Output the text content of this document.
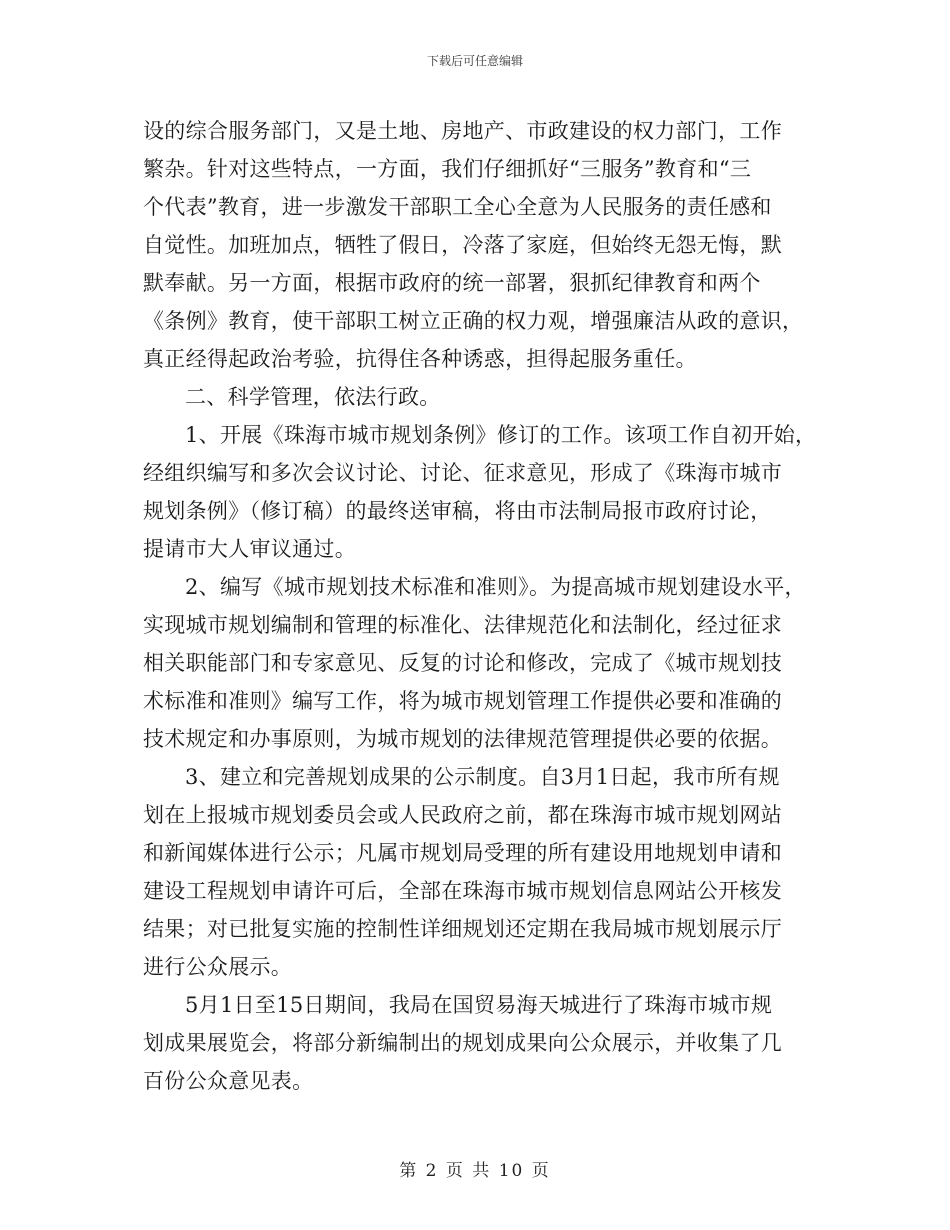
下载后可任意编辑
设的综合服务部门，又是土地、房地产、市政建设的权力部门，工作
繁杂。针对这些特点，一方面，我们仔细抓好“三服务”教育和“三
个代表”教育，进一步激发干部职工全心全意为人民服务的责任感和
自觉性。加班加点，牺牲了假日，冷落了家庭，但始终无怨无悔，默
默奉献。另一方面，根据市政府的统一部署，狠抓纪律教育和两个
《条例》教育，使干部职工树立正确的权力观，增强廉洁从政的意识，
真正经得起政治考验，抗得住各种诱惑，担得起服务重任。
二、科学管理，依法行政。
1、开展《珠海市城市规划条例》修订的工作。该项工作自初开始，
经组织编写和多次会议讨论、讨论、征求意见，形成了《珠海市城市
规划条例》（修订稿）的最终送审稿，将由市法制局报市政府讨论，
提请市大人审议通过。
2、编写《城市规划技术标准和准则》。为提高城市规划建设水平，
实现城市规划编制和管理的标准化、法律规范化和法制化，经过征求
相关职能部门和专家意见、反复的讨论和修改，完成了《城市规划技
术标准和准则》编写工作，将为城市规划管理工作提供必要和准确的
技术规定和办事原则，为城市规划的法律规范管理提供必要的依据。
3、建立和完善规划成果的公示制度。自3月1日起，我市所有规
划在上报城市规划委员会或人民政府之前，都在珠海市城市规划网站
和新闻媒体进行公示；凡属市规划局受理的所有建设用地规划申请和
建设工程规划申请许可后，全部在珠海市城市规划信息网站公开核发
结果；对已批复实施的控制性详细规划还定期在我局城市规划展示厅
进行公众展示。
5月1日至15日期间，我局在国贸易海天城进行了珠海市城市规
划成果展览会，将部分新编制出的规划成果向公众展示，并收集了几
百份公众意见表。
第 2 页 共 10 页
